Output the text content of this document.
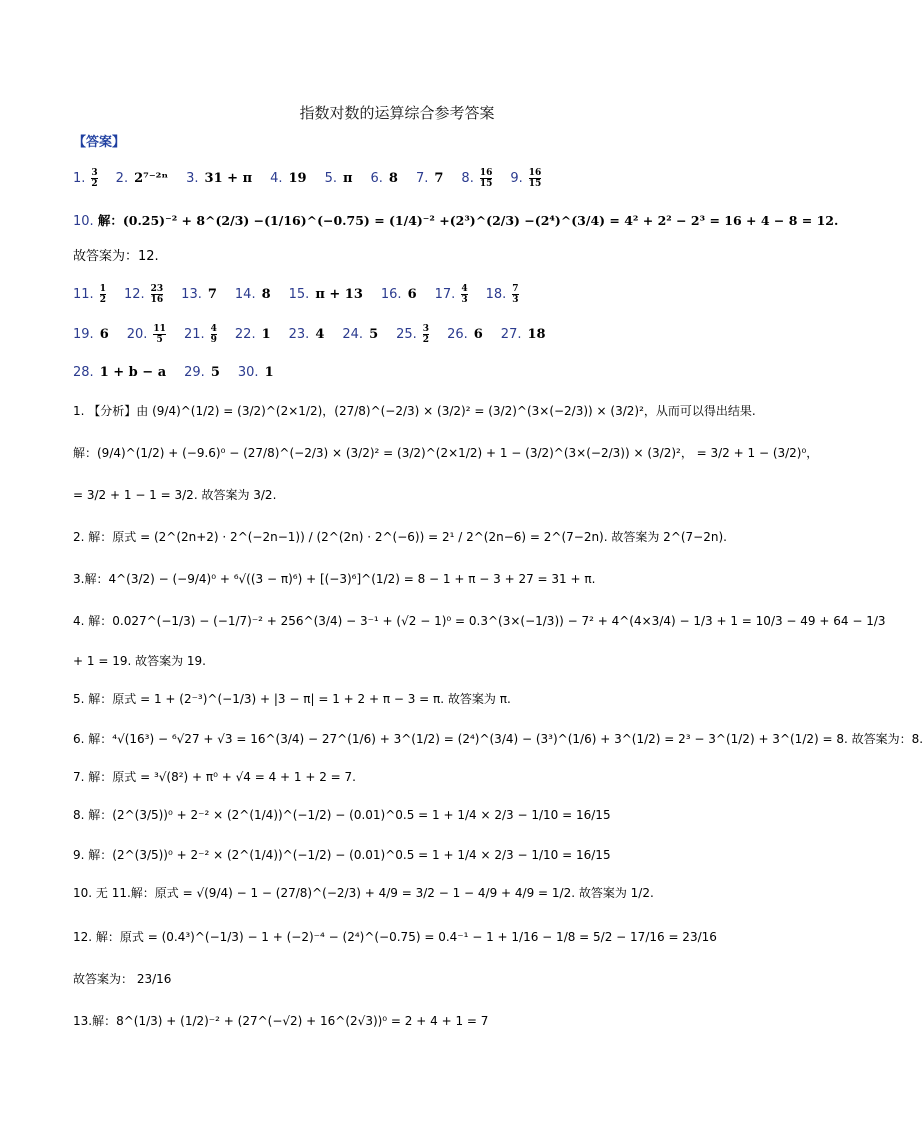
指数对数的运算综合参考答案
【答案】
1. $\frac{3}{2} 2$. 2⁷⁻²ⁿ 3. 31 + π 4. 19 5. π 6. 8 7. 7 8. $\frac{16}{15} 9$. $\frac{16}{15}$
10. 解：(0.25)⁻² + 8^(2/3) −(1/16)^(−0.75) = (1/4)⁻² +(2³)^(2/3) −(2⁴)^(3/4) = 4² + 2² − 2³ = 16 + 4 − 8 = 12.
故答案为：12.
11. $\frac{1}{2} 12$. $\frac{23}{16} 13$. 7 14. 8 15. π + 13 16. 6 17. $\frac{4}{3} 18$. $\frac{7}{3}$
19. 6 20. $\frac{11}{5} 21$. $\frac{4}{9} 22$. 1 23. 4 24. 5 25. $\frac{3}{2} 26$. 6 27. 18
28. 1 + b − a 29. 5 30. 1
1. 【分析】由 (9/4)^(1/2) = (3/2)^(2×1/2)，(27/8)^(−2/3) × (3/2)² = (3/2)^(3×(−2/3)) × (3/2)²，从而可以得出结果.
解：(9/4)^(1/2) + (−9.6)⁰ − (27/8)^(−2/3) × (3/2)² = (3/2)^(2×1/2) + 1 − (3/2)^(3×(−2/3)) × (3/2)²， = 3/2 + 1 − (3/2)⁰，
= 3/2 + 1 − 1 = 3/2. 故答案为 3/2.
2. 解：原式 = (2^(2n+2) · 2^(−2n−1)) / (2^(2n) · 2^(−6)) = 2¹ / 2^(2n−6) = 2^(7−2n). 故答案为 2^(7−2n).
3.解：4^(3/2) − (−9/4)⁰ + ⁶√((3 − π)⁶) + [(−3)⁶]^(1/2) = 8 − 1 + π − 3 + 27 = 31 + π.
4. 解：0.027^(−1/3) − (−1/7)⁻² + 256^(3/4) − 3⁻¹ + (√2 − 1)⁰ = 0.3^(3×(−1/3)) − 7² + 4^(4×3/4) − 1/3 + 1 = 10/3 − 49 + 64 − 1/3
+ 1 = 19. 故答案为 19.
5. 解：原式 = 1 + (2⁻³)^(−1/3) + |3 − π| = 1 + 2 + π − 3 = π. 故答案为 π.
6. 解：⁴√(16³) − ⁶√27 + √3 = 16^(3/4) − 27^(1/6) + 3^(1/2) = (2⁴)^(3/4) − (3³)^(1/6) + 3^(1/2) = 2³ − 3^(1/2) + 3^(1/2) = 8. 故答案为：8.
7. 解：原式 = ³√(8²) + π⁰ + √4 = 4 + 1 + 2 = 7.
8. 解：(2^(3/5))⁰ + 2⁻² × (2^(1/4))^(−1/2) − (0.01)^0.5 = 1 + 1/4 × 2/3 − 1/10 = 16/15
9. 解：(2^(3/5))⁰ + 2⁻² × (2^(1/4))^(−1/2) − (0.01)^0.5 = 1 + 1/4 × 2/3 − 1/10 = 16/15
10. 无 11.解：原式 = √(9/4) − 1 − (27/8)^(−2/3) + 4/9 = 3/2 − 1 − 4/9 + 4/9 = 1/2. 故答案为 1/2.
12. 解：原式 = (0.4³)^(−1/3) − 1 + (−2)⁻⁴ − (2⁴)^(−0.75) = 0.4⁻¹ − 1 + 1/16 − 1/8 = 5/2 − 17/16 = 23/16
故答案为： 23/16
13.解：8^(1/3) + (1/2)⁻² + (27^(−√2) + 16^(2√3))⁰ = 2 + 4 + 1 = 7
